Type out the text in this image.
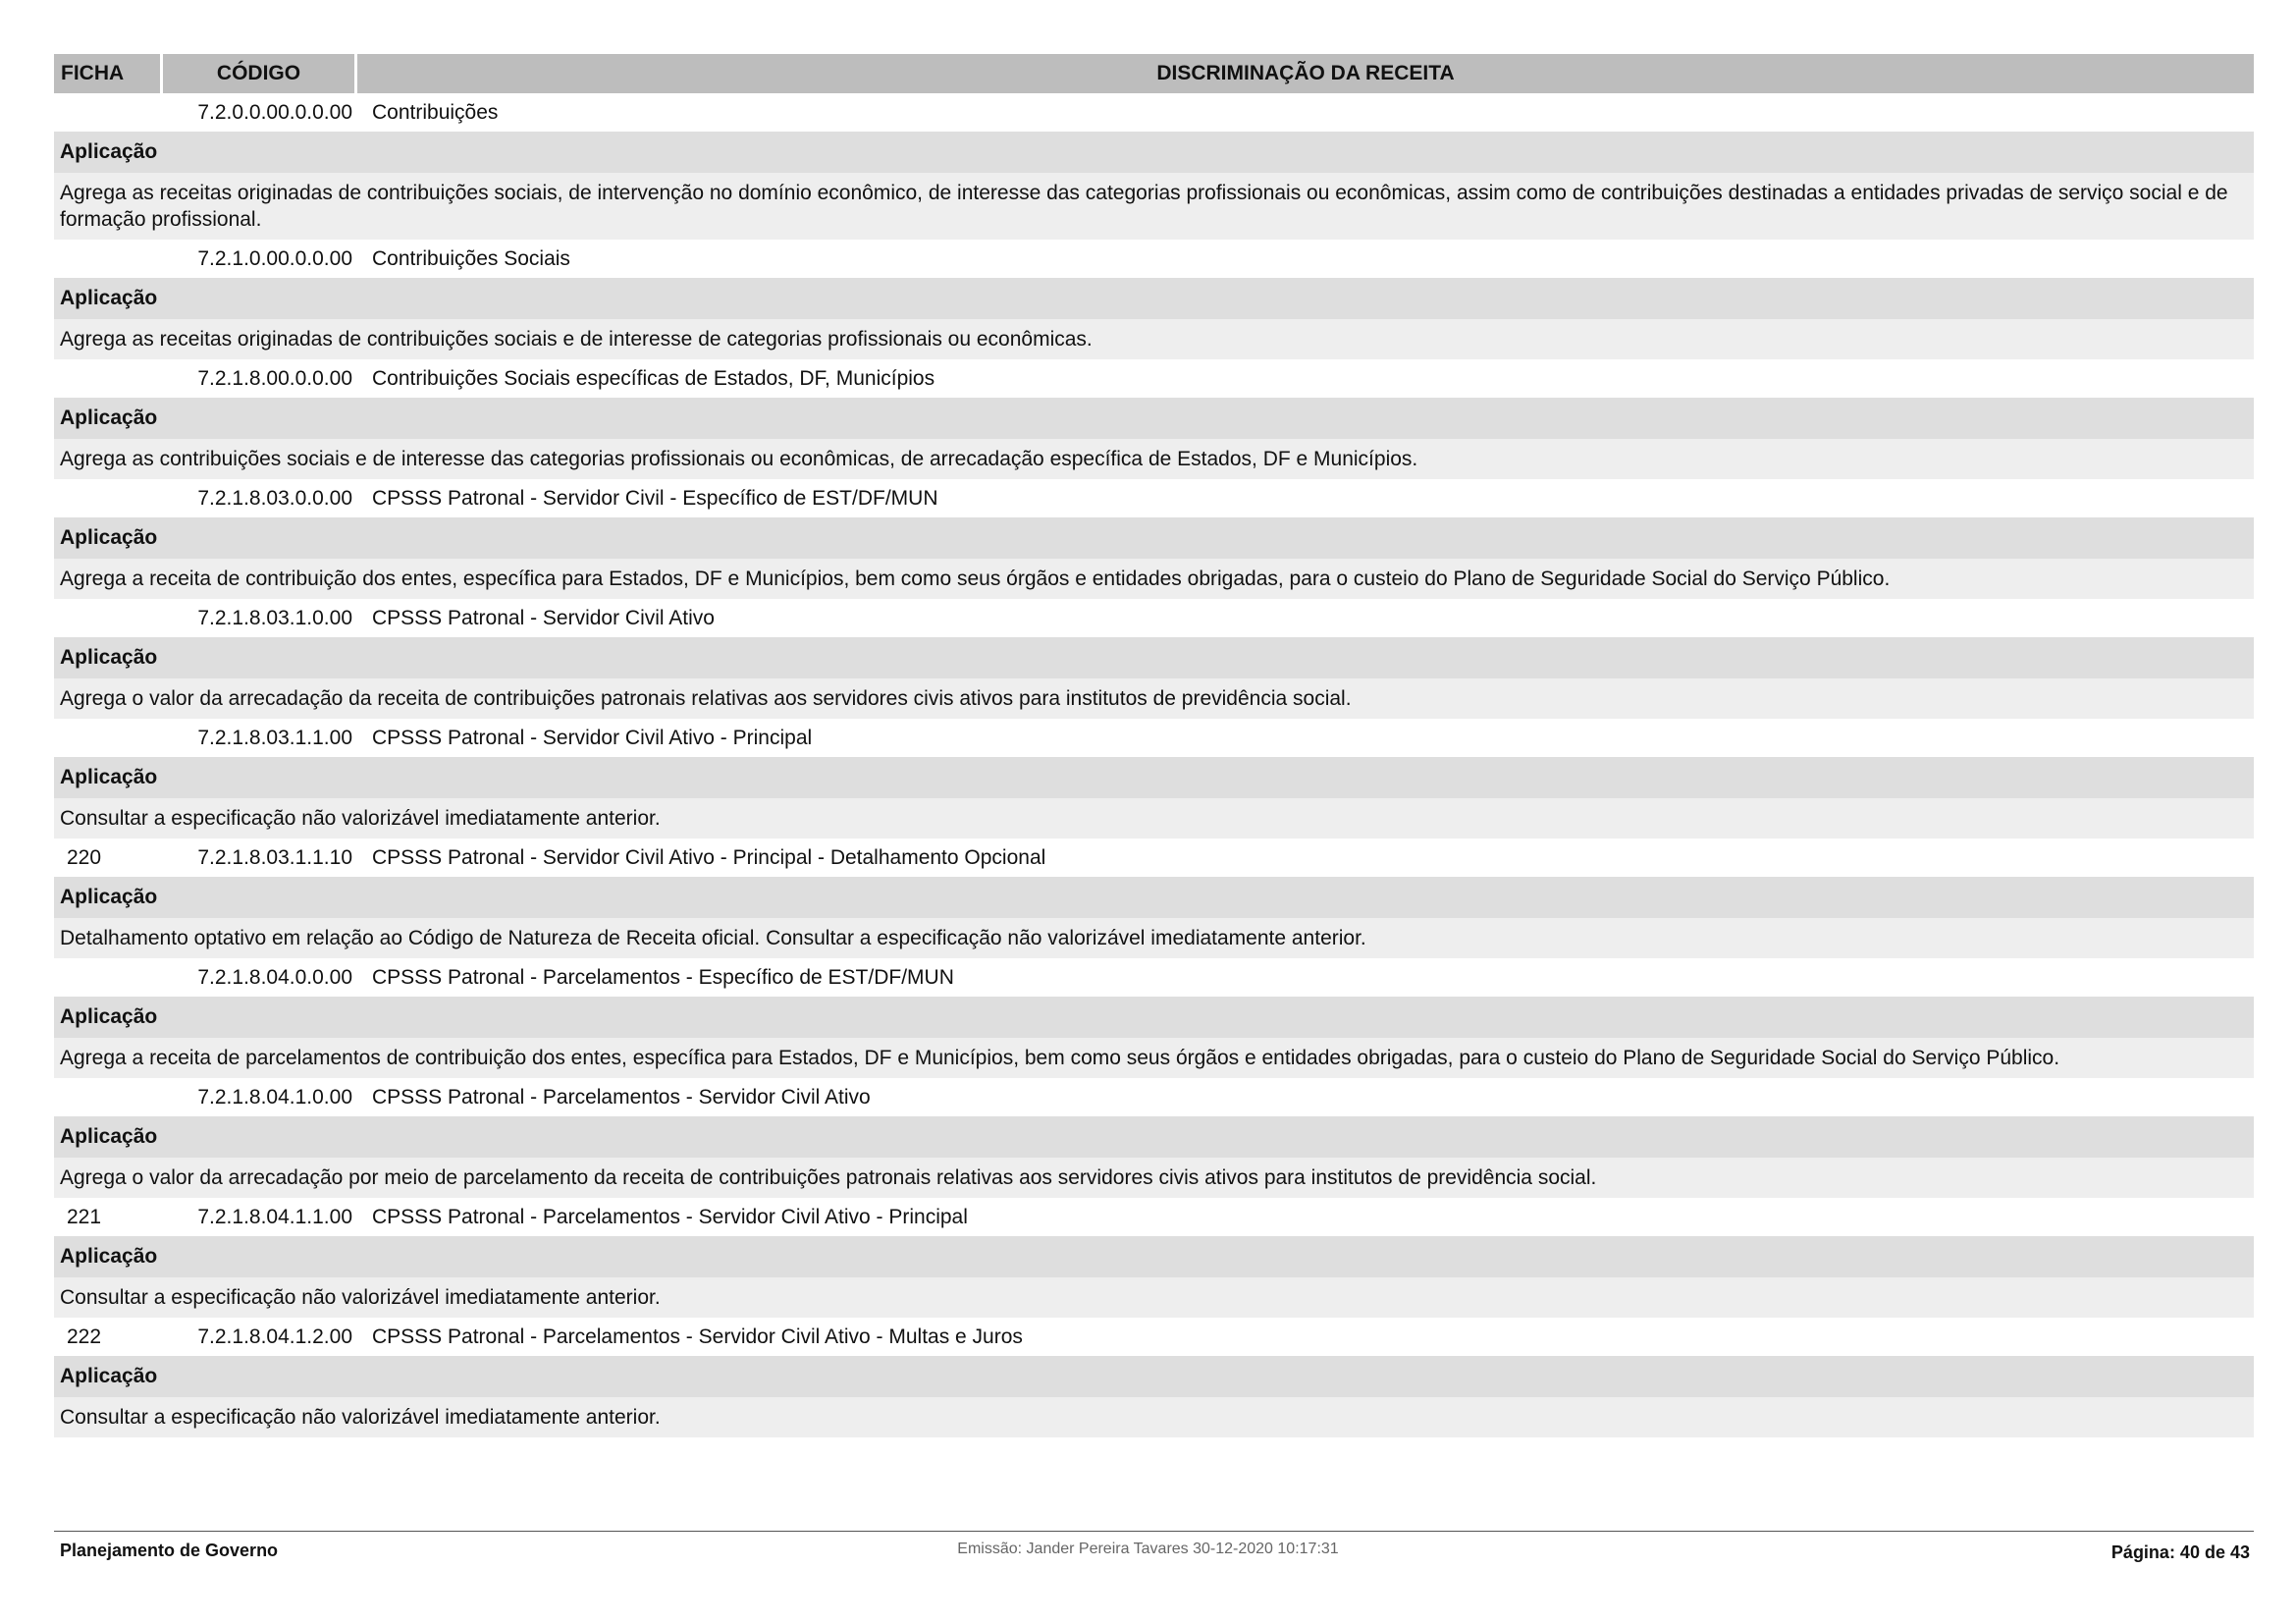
FICHA	CÓDIGO	DISCRIMINAÇÃO DA RECEITA
7.2.0.0.00.0.0.00 Contribuições
Aplicação
Agrega as receitas originadas de contribuições sociais, de intervenção no domínio econômico, de interesse das categorias profissionais ou econômicas, assim como de contribuições destinadas a entidades privadas de serviço social e de formação profissional.
7.2.1.0.00.0.0.00 Contribuições Sociais
Aplicação
Agrega as receitas originadas de contribuições sociais e de interesse de categorias profissionais ou econômicas.
7.2.1.8.00.0.0.00 Contribuições Sociais específicas de Estados, DF, Municípios
Aplicação
Agrega as contribuições sociais e de interesse das categorias profissionais ou econômicas, de arrecadação específica de Estados, DF e Municípios.
7.2.1.8.03.0.0.00 CPSSS Patronal - Servidor Civil - Específico de EST/DF/MUN
Aplicação
Agrega a receita de contribuição dos entes, específica para Estados, DF e Municípios, bem como seus órgãos e entidades obrigadas, para o custeio do Plano de Seguridade Social do Serviço Público.
7.2.1.8.03.1.0.00 CPSSS Patronal - Servidor Civil Ativo
Aplicação
Agrega o valor da arrecadação da receita de contribuições patronais relativas aos servidores civis ativos para institutos de previdência social.
7.2.1.8.03.1.1.00 CPSSS Patronal - Servidor Civil Ativo - Principal
Aplicação
Consultar a especificação não valorizável imediatamente anterior.
220	7.2.1.8.03.1.1.10 CPSSS Patronal - Servidor Civil Ativo - Principal - Detalhamento Opcional
Aplicação
Detalhamento optativo em relação ao Código de Natureza de Receita oficial. Consultar a especificação não valorizável imediatamente anterior.
7.2.1.8.04.0.0.00 CPSSS Patronal - Parcelamentos - Específico de EST/DF/MUN
Aplicação
Agrega a receita de parcelamentos de contribuição dos entes, específica para Estados, DF e Municípios, bem como seus órgãos e entidades obrigadas, para o custeio do Plano de Seguridade Social do Serviço Público.
7.2.1.8.04.1.0.00 CPSSS Patronal - Parcelamentos - Servidor Civil Ativo
Aplicação
Agrega o valor da arrecadação por meio de parcelamento da receita de contribuições patronais relativas aos servidores civis ativos para institutos de previdência social.
221	7.2.1.8.04.1.1.00 CPSSS Patronal - Parcelamentos - Servidor Civil Ativo - Principal
Aplicação
Consultar a especificação não valorizável imediatamente anterior.
222	7.2.1.8.04.1.2.00 CPSSS Patronal - Parcelamentos - Servidor Civil Ativo - Multas e Juros
Aplicação
Consultar a especificação não valorizável imediatamente anterior.
Planejamento de Governo	Emissão: Jander Pereira Tavares 30-12-2020 10:17:31	Página: 40 de 43
